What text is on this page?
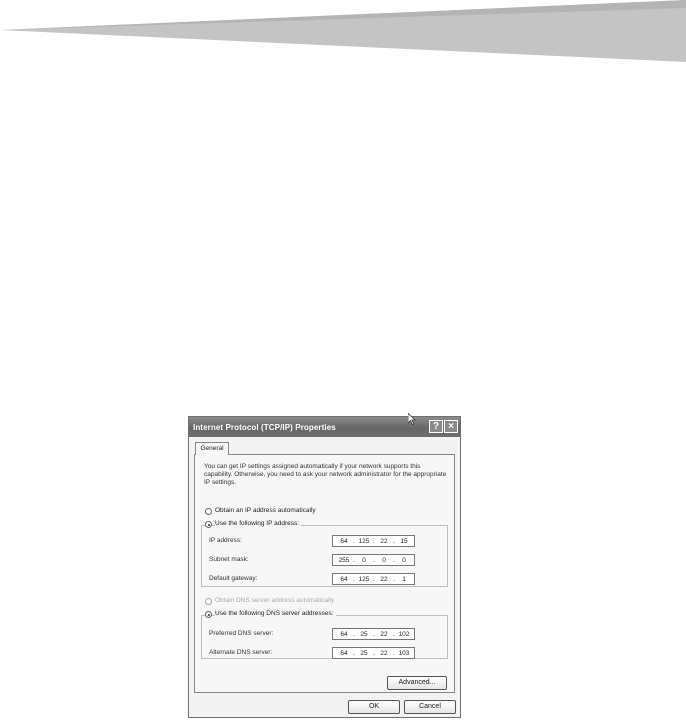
Internet Protocol (TCP/IP) Properties	? ×
General
You can get IP settings assigned automatically if your network supports this capability. Otherwise, you need to ask your network administrator for the appropriate IP settings.
Obtain an IP address automatically
Use the following IP address:
IP address:	64 . 125 . 22 . 15
Subnet mask:	255 .	0	.	0	.	0
Default gateway:	64 . 125 . 22 .	1
Obtain DNS server address automatically
Use the following DNS server addresses:
Preferred DNS server:	64 . 25 . 22 . 102
Alternate DNS server:	64 . 25 . 22 . 103
Advanced...
OK	Cancel
